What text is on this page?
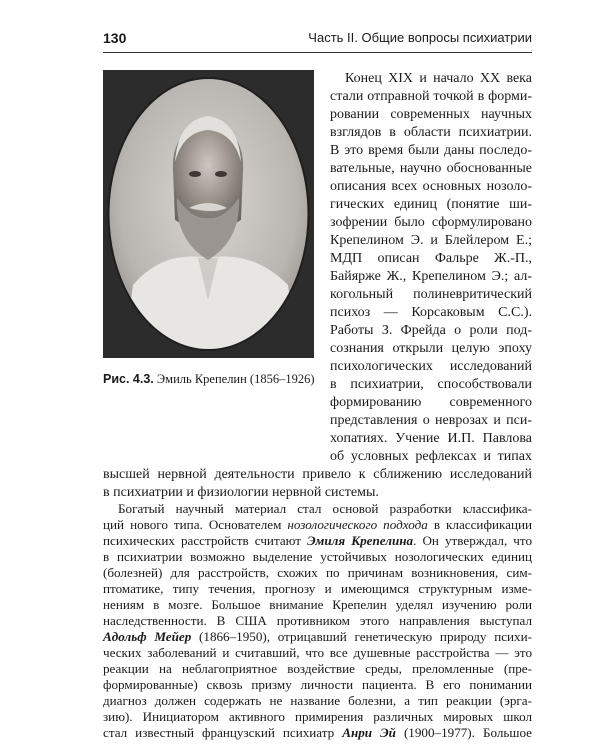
130	Часть II. Общие вопросы психиатрии
Рис. 4.3. Эмиль Крепелин (1856–1926)
Конец XIX и начало XX века
стали отправной точкой в форми-
ровании современных научных
взглядов в области психиатрии.
В это время были даны последо-
вательные, научно обоснованные
описания всех основных нозоло-
гических единиц (понятие ши-
зофрении было сформулировано
Крепелином Э. и Блейлером Е.;
МДП описан Фальре Ж.-П.,
Байярже Ж., Крепелином Э.; ал-
когольный полиневритический
психоз — Корсаковым С.С.).
Работы З. Фрейда о роли под-
сознания открыли целую эпоху
психологических исследований
в психиатрии, способствовали
формированию современного
представления о неврозах и пси-
хопатиях. Учение И.П. Павлова
об условных рефлексах и типах
высшей нервной деятельности привело к сближению исследований
в психиатрии и физиологии нервной системы.
Богатый научный материал стал основой разработки классифика-
ций нового типа. Основателем нозологического подхода в классификации
психических расстройств считают Эмиля Крепелина. Он утверждал, что
в психиатрии возможно выделение устойчивых нозологических единиц
(болезней) для расстройств, схожих по причинам возникновения, сим-
птоматике, типу течения, прогнозу и имеющимся структурным изме-
нениям в мозге. Большое внимание Крепелин уделял изучению роли
наследственности. В США противником этого направления выступал
Адольф Мейер (1866–1950), отрицавший генетическую природу психи-
ческих заболеваний и считавший, что все душевные расстройства — это
реакции на неблагоприятное воздействие среды, преломленные (пре-
формированные) сквозь призму личности пациента. В его понимании
диагноз должен содержать не название болезни, а тип реакции (эрга-
зию). Инициатором активного примирения различных мировых школ
стал известный французский психиатр Анри Эй (1900–1977). Большое
